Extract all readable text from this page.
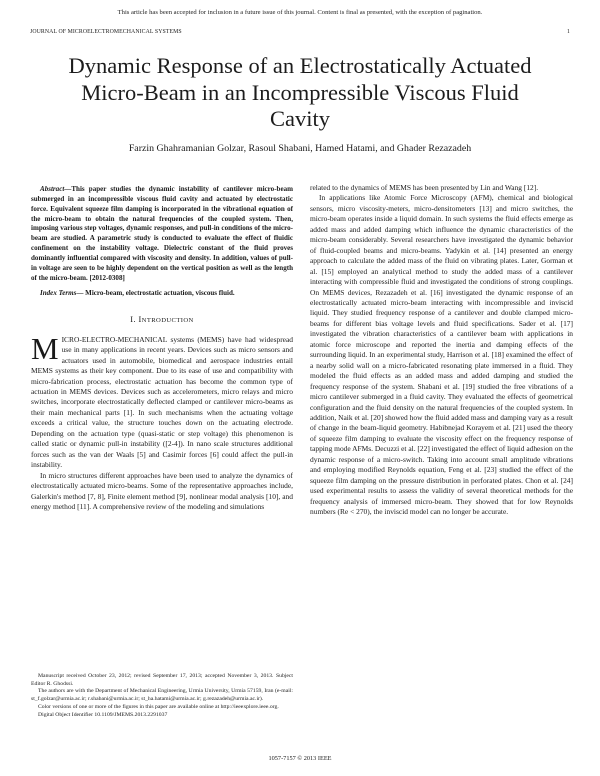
This article has been accepted for inclusion in a future issue of this journal. Content is final as presented, with the exception of pagination.
JOURNAL OF MICROELECTROMECHANICAL SYSTEMS	1
Dynamic Response of an Electrostatically Actuated Micro-Beam in an Incompressible Viscous Fluid Cavity
Farzin Ghahramanian Golzar, Rasoul Shabani, Hamed Hatami, and Ghader Rezazadeh

Abstract—This paper studies the dynamic instability of cantilever micro-beam submerged in an incompressible viscous fluid cavity and actuated by electrostatic force. Equivalent squeeze film damping is incorporated in the vibrational equation of the micro-beam to obtain the natural frequencies of the coupled system. Then, imposing various step voltages, dynamic responses, and pull-in conditions of the micro-beam are studied. A parametric study is conducted to evaluate the effect of fluidic confinement on the instability voltage. Dielectric constant of the fluid proves dominantly influential compared with viscosity and density. In addition, values of pull-in voltage are seen to be highly dependent on the vertical position as well as the length of the micro-beam. [2012-0308]

Index Terms— Micro-beam, electrostatic actuation, viscous fluid.

I. INTRODUCTION

MICRO-ELECTRO-MECHANICAL systems (MEMS) have had widespread use in many applications in recent years. Devices such as micro sensors and actuators used in automobile, biomedical and aerospace industries entail MEMS systems as their key component. Due to its ease of use and compatibility with micro-fabrication process, electrostatic actuation has become the common type of actuation in MEMS devices. Devices such as accelerometers, micro relays and micro switches, incorporate electrostatically deflected clamped or cantilever micro-beams as their main mechanical parts [1]. In such mechanisms when the actuating voltage exceeds a critical value, the structure touches down on the actuating electrode. Depending on the actuation type (quasi-static or step voltage) this phenomenon is called static or dynamic pull-in instability ([2-4]). In nano scale structures additional forces such as the van der Waals [5] and Casimir forces [6] could affect the pull-in instability.

In micro structures different approaches have been used to analyze the dynamics of electrostatically actuated micro-beams. Some of the representative approaches include, Galerkin's method [7, 8], Finite element method [9], nonlinear modal analysis [10], and energy method [11]. A comprehensive review of the modeling and simulations

Manuscript received October 23, 2012; revised September 17, 2013; accepted November 3, 2013. Subject Editor R. Ghodssi.

The authors are with the Department of Mechanical Engineering, Urmia University, Urmia 57159, Iran (e-mail: st_f.golzar@urmia.ac.ir; r.shabani@urmia.ac.ir; st_ha.hatami@urmia.ac.ir; g.rezazadeh@urmia.ac.ir).

Color versions of one or more of the figures in this paper are available online at http://ieeexplore.ieee.org.

Digital Object Identifier 10.1109/JMEMS.2013.2291037

related to the dynamics of MEMS has been presented by Lin and Wang [12].

In applications like Atomic Force Microscopy (AFM), chemical and biological sensors, micro viscosity-meters, micro-densitometers [13] and micro switches, the micro-beam operates inside a liquid domain. In such systems the fluid effects emerge as added mass and added damping which influence the dynamic characteristics of the micro-beam considerably. Several researchers have investigated the dynamic behavior of fluid-coupled beams and micro-beams. Yadykin et al. [14] presented an energy approach to calculate the added mass of the fluid on vibrating plates. Later, Gorman et al. [15] employed an analytical method to study the added mass of a cantilever interacting with compressible fluid and investigated the conditions of strong couplings. On MEMS devices, Rezazadeh et al. [16] investigated the dynamic response of an electrostatically actuated micro-beam interacting with incompressible and inviscid liquid. They studied frequency response of a cantilever and double clamped micro-beams for different bias voltage levels and fluid specifications. Sader et al. [17] investigated the vibration characteristics of a cantilever beam with applications in atomic force microscope and reported the inertia and damping effects of the surrounding liquid. In an experimental study, Harrison et al. [18] examined the effect of a nearby solid wall on a micro-fabricated resonating plate immersed in a fluid. They modeled the fluid effects as an added mass and added damping and studied the frequency response of the system. Shabani et al. [19] studied the free vibrations of a micro cantilever submerged in a fluid cavity. They evaluated the effects of geometrical configuration and the fluid density on the natural frequencies of the coupled system. In addition, Naik et al. [20] showed how the fluid added mass and damping vary as a result of change in the beam-liquid geometry. Habibnejad Korayem et al. [21] used the theory of squeeze film damping to evaluate the viscosity effect on the frequency response of tapping mode AFMs. Decuzzi et al. [22] investigated the effect of liquid adhesion on the dynamic response of a micro-switch. Taking into account small amplitude vibrations and employing modified Reynolds equation, Feng et al. [23] studied the effect of the squeeze film damping on the pressure distribution in perforated plates. Chon et al. [24] used experimental results to assess the validity of several theoretical methods for the frequency analysis of immersed micro-beam. They showed that for low Reynolds numbers (Re < 270), the inviscid model can no longer be accurate.

1057-7157 © 2013 IEEE
